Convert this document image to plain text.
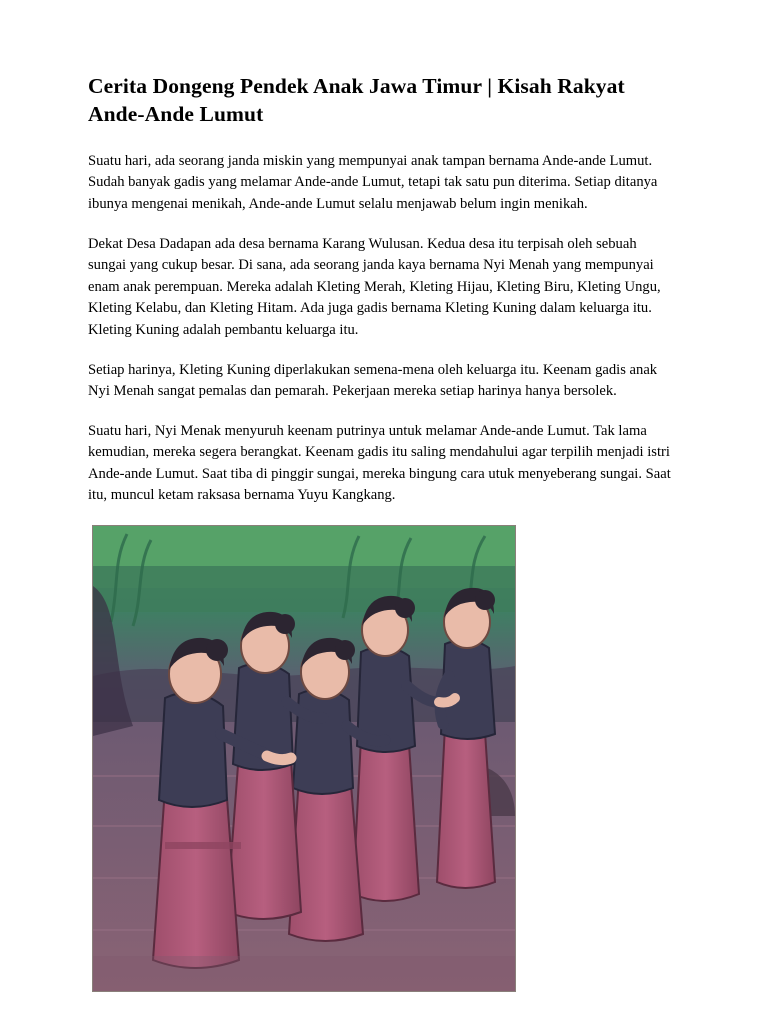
Cerita Dongeng Pendek Anak Jawa Timur | Kisah Rakyat Ande-Ande Lumut

Suatu hari, ada seorang janda miskin yang mempunyai anak tampan bernama Ande-ande Lumut. Sudah banyak gadis yang melamar Ande-ande Lumut, tetapi tak satu pun diterima. Setiap ditanya ibunya mengenai menikah, Ande-ande Lumut selalu menjawab belum ingin menikah.

Dekat Desa Dadapan ada desa bernama Karang Wulusan. Kedua desa itu terpisah oleh sebuah sungai yang cukup besar. Di sana, ada seorang janda kaya bernama Nyi Menah yang mempunyai enam anak perempuan. Mereka adalah Kleting Merah, Kleting Hijau, Kleting Biru, Kleting Ungu, Kleting Kelabu, dan Kleting Hitam. Ada juga gadis bernama Kleting Kuning dalam keluarga itu. Kleting Kuning adalah pembantu keluarga itu.

Setiap harinya, Kleting Kuning diperlakukan semena-mena oleh keluarga itu. Keenam gadis anak Nyi Menah sangat pemalas dan pemarah. Pekerjaan mereka setiap harinya hanya bersolek.

Suatu hari, Nyi Menak menyuruh keenam putrinya untuk melamar Ande-ande Lumut. Tak lama kemudian, mereka segera berangkat. Keenam gadis itu saling mendahului agar terpilih menjadi istri Ande-ande Lumut. Saat tiba di pinggir sungai, mereka bingung cara utuk menyeberang sungai. Saat itu, muncul ketam raksasa bernama Yuyu Kangkang.
